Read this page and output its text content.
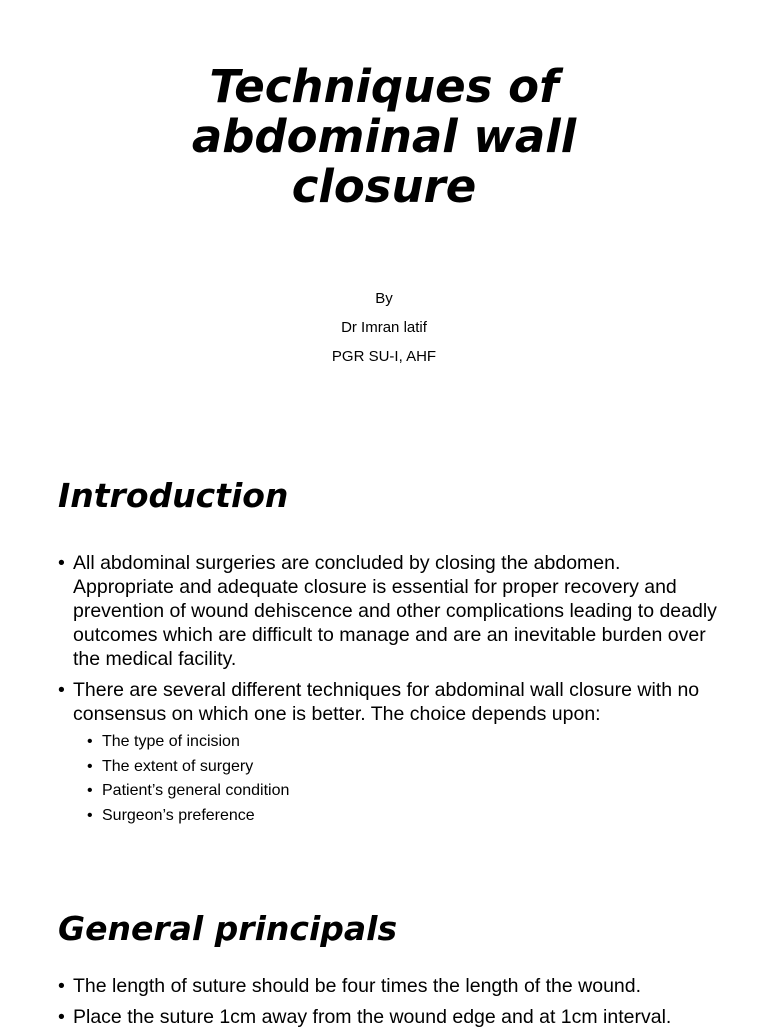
Techniques of
abdominal wall
closure
By
Dr Imran latif
PGR SU-I, AHF
Introduction
• All abdominal surgeries are concluded by closing the abdomen. Appropriate and adequate closure is essential for proper recovery and prevention of wound dehiscence and other complications leading to deadly outcomes which are difficult to manage and are an inevitable burden over the medical facility.
• There are several different techniques for abdominal wall closure with no consensus on which one is better. The choice depends upon:
• The type of incision
• The extent of surgery
• Patient’s general condition
• Surgeon’s preference
General principals
• The length of suture should be four times the length of the wound.
• Place the suture 1cm away from the wound edge and at 1cm interval.
